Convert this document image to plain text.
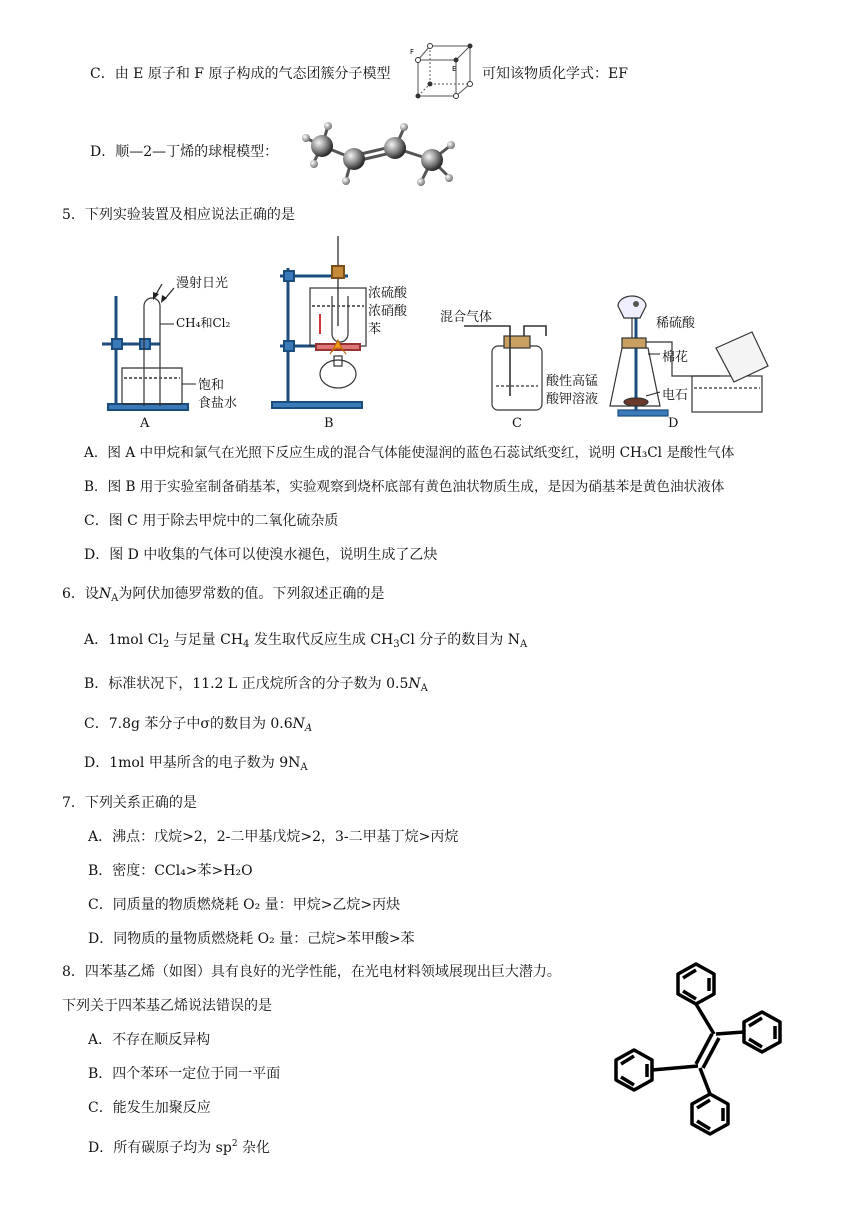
C．由 E 原子和 F 原子构成的气态团簇分子模型
F
E 可知该物质化学式：EF
D．顺—2—丁烯的球棍模型：
5．下列实验装置及相应说法正确的是
漫射日光
CH₄和Cl₂
饱和
食盐水
浓硫酸
浓硝酸
苯
混合气体
酸性高锰
酸钾溶液
稀硫酸
棉花
电石
A	B	C	D
A．图 A 中甲烷和氯气在光照下反应生成的混合气体能使湿润的蓝色石蕊试纸变红，说明 CH₃Cl 是酸性气体
B．图 B 用于实验室制备硝基苯，实验观察到烧杯底部有黄色油状物质生成，是因为硝基苯是黄色油状液体
C．图 C 用于除去甲烷中的二氧化硫杂质
D．图 D 中收集的气体可以使溴水褪色，说明生成了乙炔
6．设$N_A$为阿伏加德罗常数的值。下列叙述正确的是
A．1mol $Cl_2$ 与足量 $CH_4$ 发生取代反应生成 $CH_3Cl$ 分子的数目为 $N_A$
B．标准状况下，11.2 L 正戊烷所含的分子数为 $0.5N_A$
C．7.8g 苯分子中σ的数目为 $0.6N_A$
D．1mol 甲基所含的电子数为 $9N_A$
7．下列关系正确的是
A．沸点：戊烷>2，2-二甲基戊烷>2，3-二甲基丁烷>丙烷
B．密度：CCl₄>苯>H₂O
C．同质量的物质燃烧耗 O₂ 量：甲烷>乙烷>丙炔
D．同物质的量物质燃烧耗 O₂ 量：己烷>苯甲酸>苯
8．四苯基乙烯（如图）具有良好的光学性能，在光电材料领域展现出巨大潜力。
下列关于四苯基乙烯说法错误的是
A．不存在顺反异构
B．四个苯环一定位于同一平面
C．能发生加聚反应
D．所有碳原子均为 $sp^2$ 杂化
